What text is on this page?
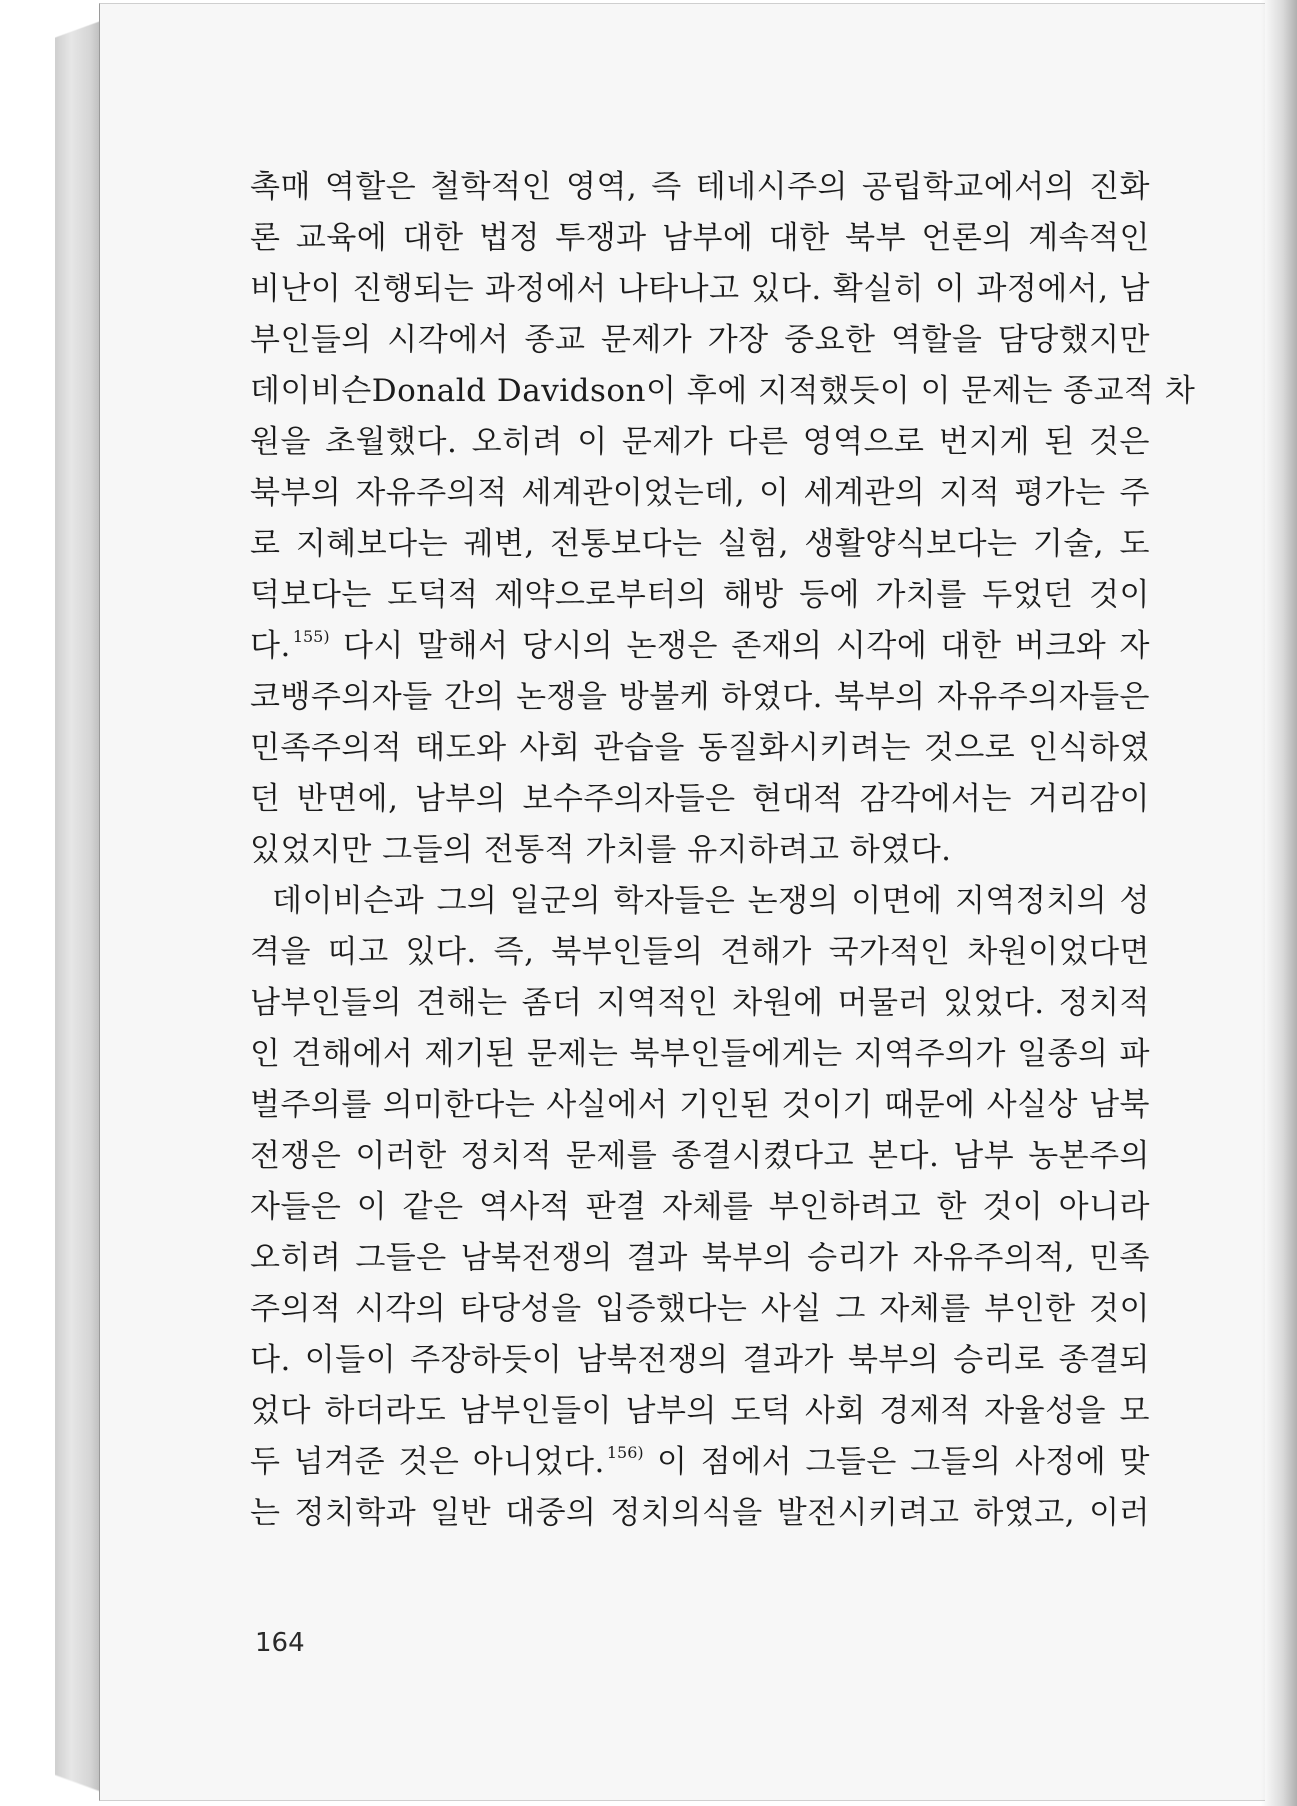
촉매 역할은 철학적인 영역, 즉 테네시주의 공립학교에서의 진화
론 교육에 대한 법정 투쟁과 남부에 대한 북부 언론의 계속적인
비난이 진행되는 과정에서 나타나고 있다. 확실히 이 과정에서, 남
부인들의 시각에서 종교 문제가 가장 중요한 역할을 담당했지만
데이비슨Donald Davidson이 후에 지적했듯이 이 문제는 종교적 차
원을 초월했다. 오히려 이 문제가 다른 영역으로 번지게 된 것은
북부의 자유주의적 세계관이었는데, 이 세계관의 지적 평가는 주
로 지혜보다는 궤변, 전통보다는 실험, 생활양식보다는 기술, 도
덕보다는 도덕적 제약으로부터의 해방 등에 가치를 두었던 것이
다. $^{155)}$ 다시 말해서 당시의 논쟁은 존재의 시각에 대한 버크와 자
코뱅주의자들 간의 논쟁을 방불케 하였다. 북부의 자유주의자들은
민족주의적 태도와 사회 관습을 동질화시키려는 것으로 인식하였
던 반면에, 남부의 보수주의자들은 현대적 감각에서는 거리감이
있었지만 그들의 전통적 가치를 유지하려고 하였다.
데이비슨과 그의 일군의 학자들은 논쟁의 이면에 지역정치의 성
격을 띠고 있다. 즉, 북부인들의 견해가 국가적인 차원이었다면
남부인들의 견해는 좀더 지역적인 차원에 머물러 있었다. 정치적
인 견해에서 제기된 문제는 북부인들에게는 지역주의가 일종의 파
벌주의를 의미한다는 사실에서 기인된 것이기 때문에 사실상 남북
전쟁은 이러한 정치적 문제를 종결시켰다고 본다. 남부 농본주의
자들은 이 같은 역사적 판결 자체를 부인하려고 한 것이 아니라
오히려 그들은 남북전쟁의 결과 북부의 승리가 자유주의적, 민족
주의적 시각의 타당성을 입증했다는 사실 그 자체를 부인한 것이
다. 이들이 주장하듯이 남북전쟁의 결과가 북부의 승리로 종결되
었다 하더라도 남부인들이 남부의 도덕 사회 경제적 자율성을 모
두 넘겨준 것은 아니었다. $^{156)}$ 이 점에서 그들은 그들의 사정에 맞
는 정치학과 일반 대중의 정치의식을 발전시키려고 하였고, 이러
164
